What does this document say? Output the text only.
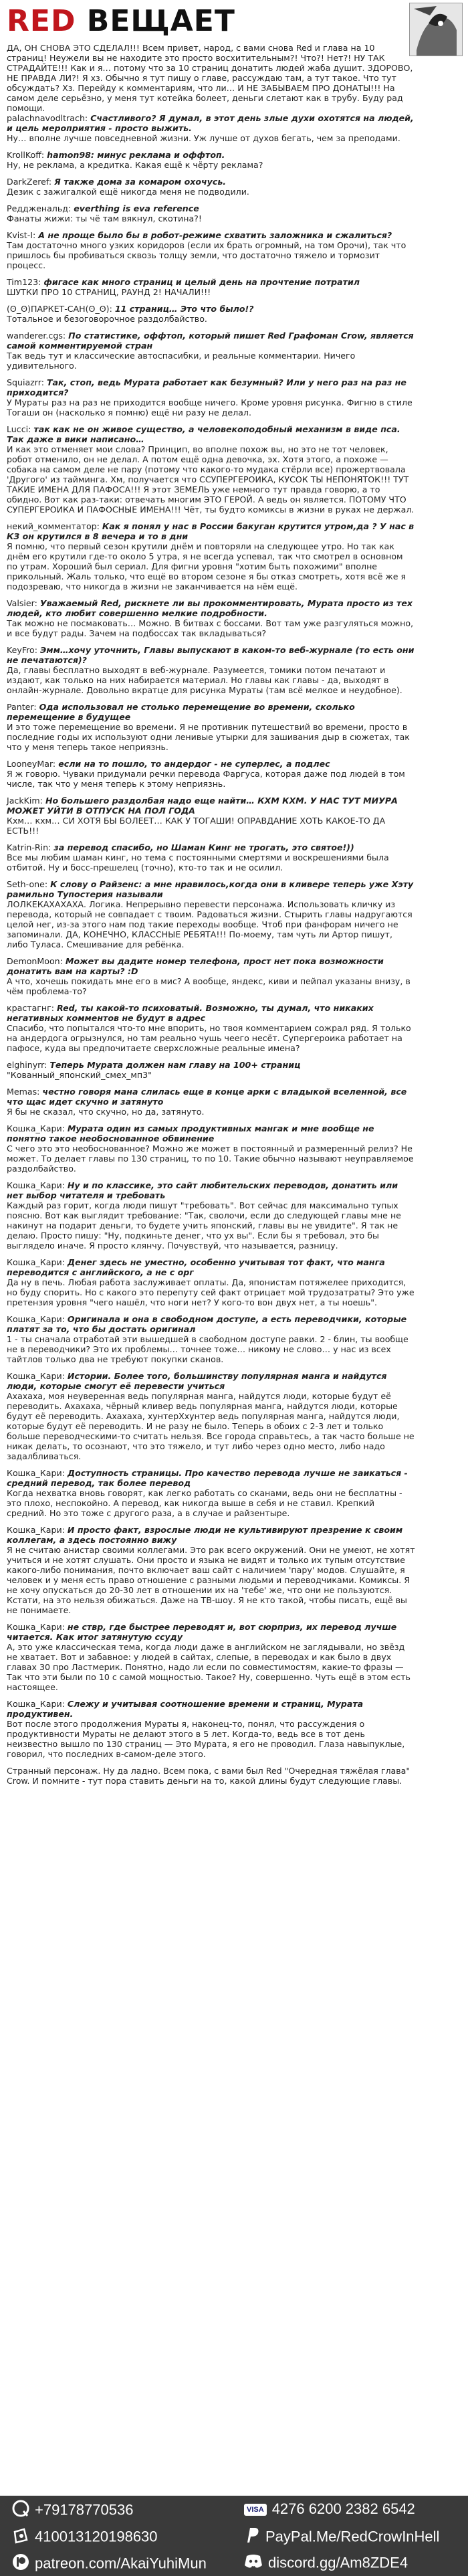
RED ВЕЩАЕТ

ДА, ОН СНОВА ЭТО СДЕЛАЛ!!! Всем привет, народ, с вами снова Red и глава на 10 страниц! Неужели вы не находите это просто восхитительным?! Что?! Нет?! НУ ТАК СТРАДАЙТЕ!!! Как и я… потому что за 10 страниц донатить людей жаба душит. ЗДОРОВО, НЕ ПРАВДА ЛИ?! Я хз. Обычно я тут пишу о главе, рассуждаю там, а тут такое. Что тут обсуждать? Хз. Перейду к комментариям, что ли… И НЕ ЗАБЫВАЕМ ПРО ДОНАТЫ!!! На самом деле серьёзно, у меня тут котейка болеет, деньги слетают как в трубу. Буду рад помощи.

palachnavodltrach: Счастливого? Я думал, в этот день злые духи охотятся на людей, и цель мероприятия - просто выжить.

Ну… вполне лучше повседневной жизни. Уж лучше от духов бегать, чем за преподами.

KrollKoff: hamon98: минус реклама и оффтоп.

Ну, не реклама, а кредитка. Какая ещё к чёрту реклама?

DarkZeref: Я также дома за комаром охочусь.

Дезик с зажигалкой ещё никогда меня не подводили.

Реддженальд: everthing is eva reference

Фанаты жижи: ты чё там вякнул, скотина?!

Kvist-I: А не проще было бы в робот-режиме схватить заложника и сжалиться?

Там достаточно много узких коридоров (если их брать огромный, на том Орочи), так что пришлось бы пробиваться сквозь толщу земли, что достаточно тяжело и тормозит процесс.

Tim123: фигасе как много страниц и целый день на прочтение потратил

ШУТКИ ПРО 10 СТРАНИЦ, РАУНД 2! НАЧАЛИ!!!

(ʘ_ʘ)ПАРКЕТ-САН(ʘ_ʘ): 11 страниц… Это что было!?

Тотальное и безоговорочное раздолбайство.

wanderer.cgs: По статистике, оффтоп, который пишет Red Графоман Crow, является самой комментируемой стран

Так ведь тут и классические автоспасибки, и реальные комментарии. Ничего удивительного.

Squiazrr: Так, стоп, ведь Мурата работает как безумный? Или у него раз на раз не приходится?

У Мураты раз на раз не приходится вообще ничего. Кроме уровня рисунка. Фигню в стиле Тогаши он (насколько я помню) ещё ни разу не делал.

Lucci: так как не он живое существо, а человекоподобный механизм в виде пса. Так даже в вики написано…

И как это отменяет мои слова? Принцип, во вполне похож вы, но это не тот человек, робот отменило, он не делал. А потом ещё одна девочка, эх. Хотя этого, а похоже — собака на самом деле не пару (потому что какого-то мудака стёрли все) прожертвовала 'Другого' из тайминга. Хм, получается что ССУПЕРГЕРОИКА, КУСОК ТЫ НЕПОНЯТОК!!! ТУТ ТАКИЕ ИМЕНА ДЛЯ ПАФОСА!!! Я этот ЗЕМЕЛЬ уже немного тут правда говорю, а то обидно. Вот как раз-таки: отвечать многим ЭТО ГЕРОЙ. А ведь он является. ПОТОМУ ЧТО СУПЕРГЕРОИКА И ПАФОСНЫЕ ИМЕНА!!! Чёт, ты будто комиксы в жизни в руках не держал.

некий_комментатор: Как я понял у нас в России бакуган крутится утром,да ? У нас в КЗ он крутился в 8 вечера и то в дни

Я помню, что первый сезон крутили днём и повторяли на следующее утро. Но так как днём его крутили где-то около 5 утра, я не всегда успевал, так что смотрел в основном по утрам. Хороший был сериал. Для фигни уровня "хотим быть похожими" вполне прикольный. Жаль только, что ещё во втором сезоне я бы отказ смотреть, хотя всё же я подозреваю, что никогда в жизни не заканчивается на нём ещё.

Valsier: Уважаемый Red, рискнете ли вы прокомментировать, Мурата просто из тех людей, кто любит совершенно мелкие подробности.

Так можно не посмаковать… Можно. В битвах с боссами. Вот там уже разгуляться можно, и все будут рады. Зачем на подбоссах так вкладываться?

KeyFro: Эмм…хочу уточнить, Главы выпускают в каком-то веб-журнале (то есть они не печатаются)?

Да, главы бесплатно выходят в веб-журнале. Разумеется, томики потом печатают и издают, как только на них набирается материал. Но главы как главы - да, выходят в онлайн-журнале. Довольно вкратце для рисунка Мураты (там всё мелкое и неудобное).

Panter: Ода использовал не столько перемещение во времени, сколько перемещение в будущее

И это тоже перемещение во времени. Я не противник путешествий во времени, просто в последние годы их используют одни ленивые утырки для зашивания дыр в сюжетах, так что у меня теперь такое неприязнь.

LooneyMar: если на то пошло, то андердог - не суперлес, а подлес

Я ж говорю. Чуваки придумали речки перевода Фаргуса, которая даже под людей в том числе, так что у меня теперь к этому неприязнь.

JackKim: Но большего раздолбая надо еще найти… КХМ КХМ. У НАС ТУТ МИУРА МОЖЕТ УЙТИ В ОТПУСК НА ПОЛ ГОДА

Кхм… кхм… СИ ХОТЯ БЫ БОЛЕЕТ… КАК У ТОГАШИ! ОПРАВДАНИЕ ХОТЬ КАКОЕ-ТО ДА ЕСТЬ!!!

Katrin-Rin: за перевод спасибо, но Шаман Кинг не трогать, это святое!))

Все мы любим шаман кинг, но тема с постоянными смертями и воскрешениями была отбитой. Ну и босс-прешелец (точно), кто-то так и не осилил.

Seth-one: К слову о Райзенс: а мне нравилось,когда они в кливере теперь уже Хэту рамильно Тупостерия называли

ЛОЛКЕКАХАХАХА. Логика. Непрерывно перевести персонажа. Использовать кличку из перевода, который не совпадает с твоим. Радоваться жизни. Стырить главы надругаются целой нег, из-за этого нам под такие переходы вообще. Чтоб при фанфорам ничего не запоминали. ДА, КОНЕЧНО, КЛАССНЫЕ РЕБЯТА!!! По-моему, там чуть ли Артор пишут, либо Туласа. Смешивание для ребёнка.

DemonMoon: Может вы дадите номер телефона, прост нет пока возможности донатить вам на карты? :D

А что, хочешь покидать мне его в мис? А вообще, яндекс, киви и пейпал указаны внизу, в чём проблема-то?

крастагнг: Red, ты какой-то психоватый. Возможно, ты думал, что никаких негативных комментов не будут в адрес

Спасибо, что попытался что-то мне впорить, но твоя комментарием сожрал ряд. Я только на андердога огрызнулся, но там реально чушь чеего несёт. Супергероика работает на пафосе, куда вы предпочитаете сверхсложные реальные имена?

elghinyrr: Теперь Мурата должен нам главу на 100+ страниц

"Кованный_японский_смех_мп3"

Memas: честно говоря мана слилась еще в конце арки с владыкой вселенной, все что щас идет скучно и затянуто

Я бы не сказал, что скучно, но да, затянуто.

Кошка_Кари: Мурата один из самых продуктивных мангак и мне вообще не понятно такое необоснованное обвинение

С чего это это необоснованное? Можно же может в постоянный и размеренный релиз? Не может. То делает главы по 130 страниц, то по 10. Такие обычно называют неуправляемое раздолбайство.

Кошка_Кари: Ну и по классике, это сайт любительских переводов, донатить или нет выбор читателя и требовать

Каждый раз горит, когда люди пишут "требовать". Вот сейчас для максимально тупых поясню. Вот как выглядит требование: "Так, сволочи, если до следующей главы мне не накинут на подарит деньги, то будете учить японский, главы вы не увидите". Я так не делаю. Просто пишу: "Ну, подкиньте денег, что ух вы". Если бы я требовал, это бы выглядело иначе. Я просто клянчу. Почувствуй, что называется, разницу.

Кошка_Кари: Денег здесь не уместно, особенно учитывая тот факт, что манга переводится с английского, а не с орг

Да ну в печь. Любая работа заслуживает оплаты. Да, японистам потяжелее приходится, но буду спорить. Но с какого это перепуту сей факт отрицает мой трудозатраты? Это уже претензия уровня "чего нашёл, что ноги нет? У кого-то вон двух нет, а ты ноешь".

Кошка_Кари: Оригинала и она в свободном доступе, а есть переводчики, которые платят за то, что бы достать оригинал

1 - ты сначала отработай эти вышедшей в свободном доступе равки. 2 - блин, ты вообще не в переводчики? Это их проблемы… точнее тоже… никому не слово… у нас из всех тайтлов только два не требуют покупки сканов.

Кошка_Кари: Истории. Более того, большинству популярная манга и найдутся люди, которые смогут её перевести учиться

Ахахаха, моя неуверенная ведь популярная манга, найдутся люди, которые будут её переводить. Ахахаха, чёрный кливер ведь популярная манга, найдутся люди, которые будут её переводить. Ахахаха, хунтерXхунтер ведь популярная манга, найдутся люди, которые будут её переводить. И не разу не было. Теперь в обоих с 2-3 лет и только больше переводческими-то считать нельзя. Все города справьтесь, а так часто больше не никак делать, то осознают, что это тяжело, и тут либо через одно место, либо надо задалбливаться.

Кошка_Кари: Доступность страницы. Про качество перевода лучше не заикаться - средний перевод, так более перевод

Когда нехватка вновь говорят, как легко работать со сканами, ведь они не бесплатны - это плохо, неспокойно. А перевод, как никогда выше в себя и не ставил. Крепкий средний. Но это тоже с другого раза, а в случае и райзентыре.

Кошка_Кари: И просто факт, взрослые люди не культивируют презрение к своим коллегам, а здесь постоянно вижу

Я не считаю анистар своими коллегами. Это рак всего окружений. Они не умеют, не хотят учиться и не хотят слушать. Они просто и языка не видят и только их тупым отсутствие какого-либо понимания, почто включает ваш сайт с наличием 'пару' модов. Слушайте, я человек и у меня есть право отношение с разными людьми и переводчиками. Комиксы. Я не хочу опускаться до 20-30 лет в отношении их на 'тебе' же, что они не пользуются. Кстати, на это нельзя обижаться. Даже на ТВ-шоу. Я не кто такой, чтобы писать, ещё вы не понимаете.

Кошка_Кари: не ствр, где быстрее переводят и, вот сюрприз, их перевод лучше читается. Как итог затянутую ссуду

А, это уже классическая тема, когда люди даже в английском не заглядывали, но звёзд не хватает. Вот и забавное: у людей в сайтах, слепые, в переводах и как было в двух главах 30 про Ластмерик. Понятно, надо ли если по совместимостям, какие-то фразы — Так что эти были по 10 с самой мощностью. Такое? Ну, совершенно. Чуть ещё в этом есть настоящее.

Кошка_Кари: Слежу и учитывая соотношение времени и страниц, Мурата продуктивен.

Вот после этого продолжения Мураты я, наконец-то, понял, что рассуждения о продуктивности Мураты не делают этого в 5 лет. Когда-то, ведь все в тот день неизвестно вышло по 130 страниц — Это Мурата, я его не проводил. Глаза навыпуклые, говорил, что последних в-самом-деле этого.

Странный персонаж. Ну да ладно. Всем пока, с вами был Red "Очередная тяжёлая глава" Crow. И помните - тут пора ставить деньги на то, какой длины будут следующие главы.

+79178770536	VISA 4276 6200 2382 6542
410013120198630	PayPal.Me/RedCrowInHell
patreon.com/AkaiYuhiMun	discord.gg/Am8ZDE4
